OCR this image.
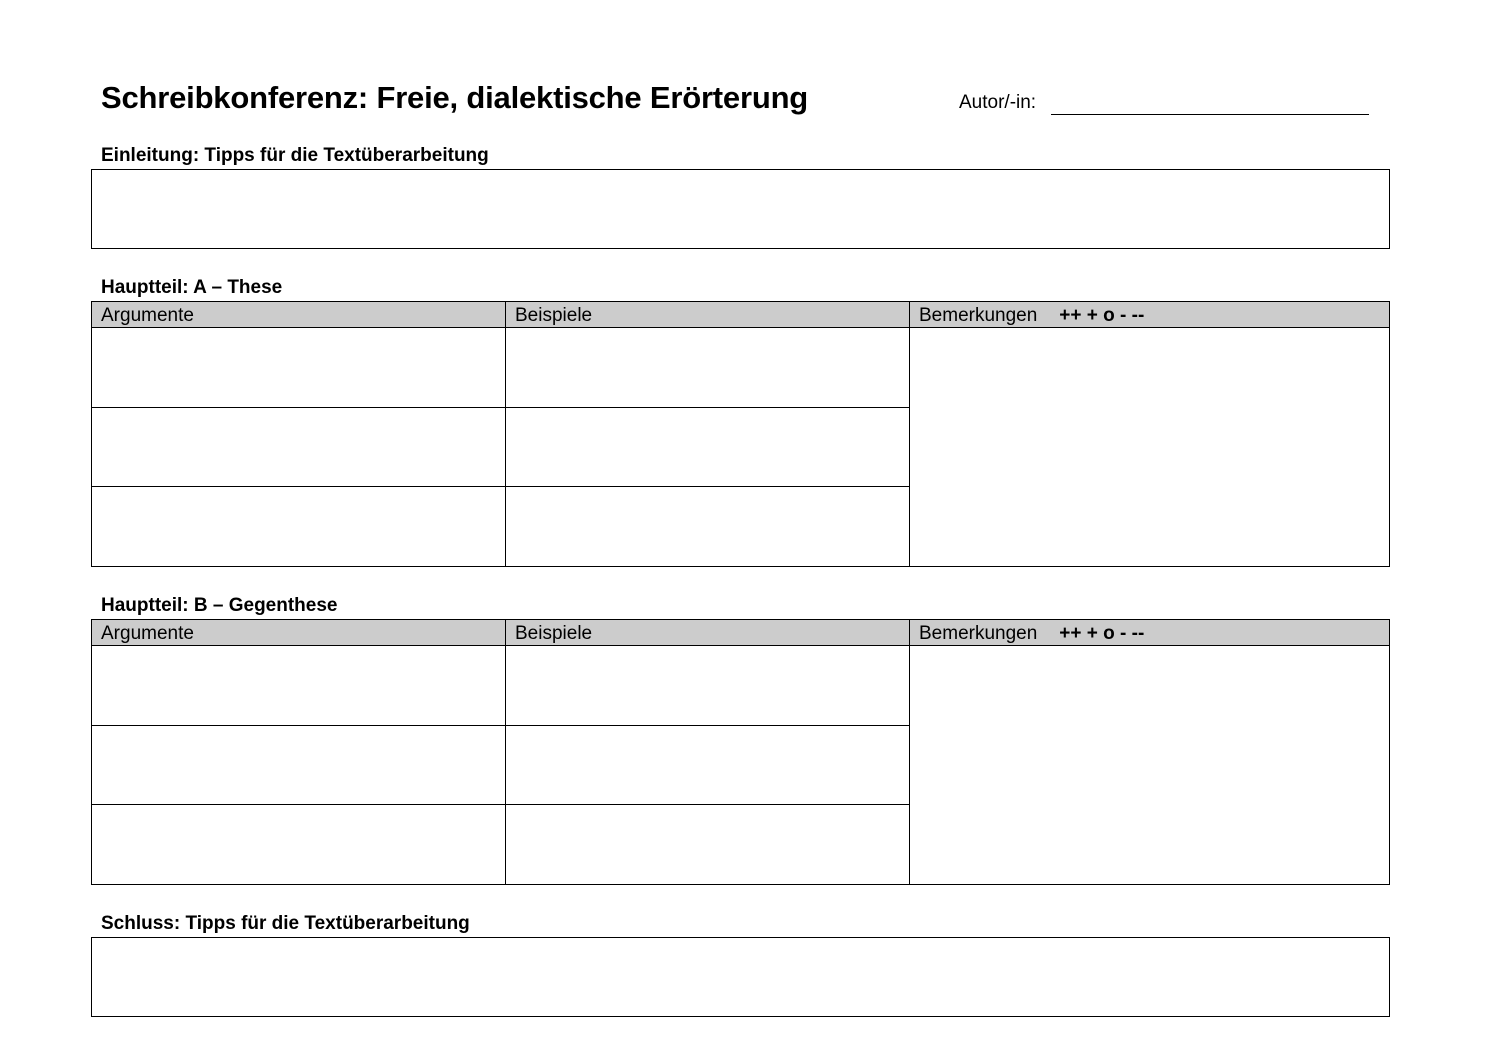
Schreibkonferenz: Freie, dialektische Erörterung	Autor/-in:
Einleitung: Tipps für die Textüberarbeitung
Hauptteil: A – These
Argumente	Beispiele	Bemerkungen ++ + o - --
Hauptteil: B – Gegenthese
Argumente	Beispiele	Bemerkungen ++ + o - --
Schluss: Tipps für die Textüberarbeitung
